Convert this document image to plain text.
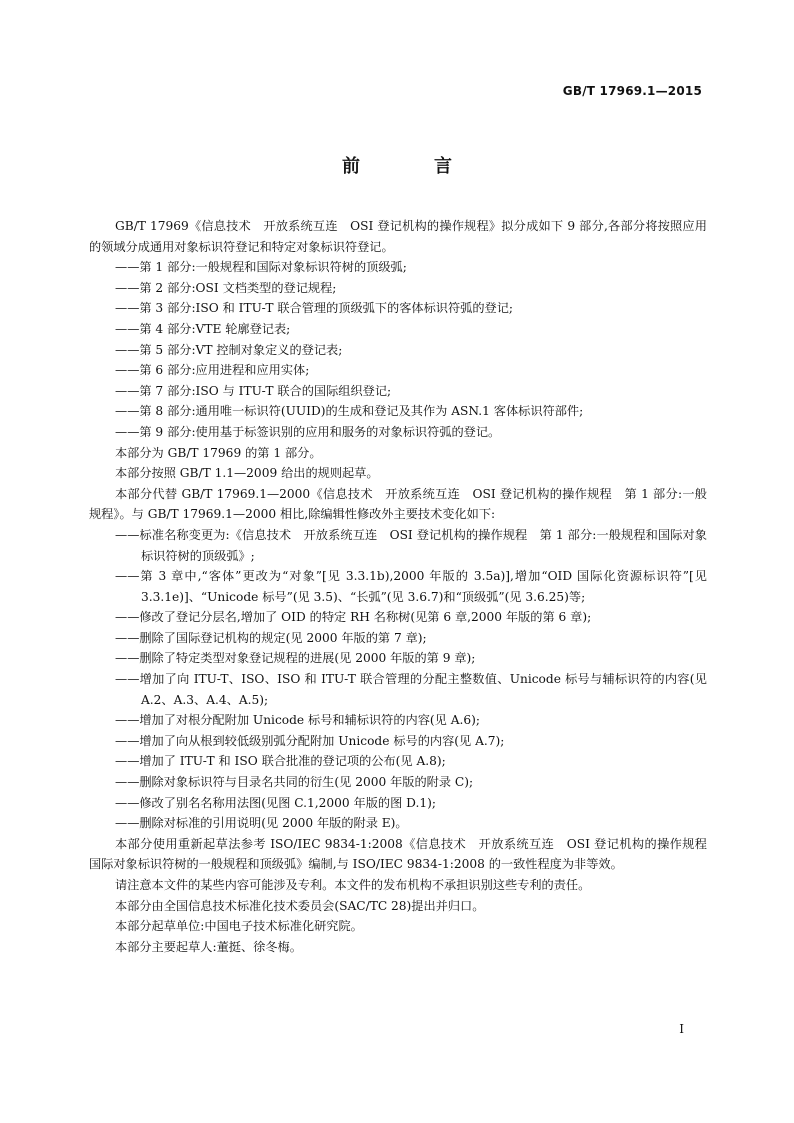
GB/T 17969.1—2015
前　言

GB/T 17969《信息技术　开放系统互连　OSI 登记机构的操作规程》拟分成如下 9 部分,各部分将按照应用的领域分成通用对象标识符登记和特定对象标识符登记。

——第 1 部分:一般规程和国际对象标识符树的顶级弧;

——第 2 部分:OSI 文档类型的登记规程;

——第 3 部分:ISO 和 ITU-T 联合管理的顶级弧下的客体标识符弧的登记;

——第 4 部分:VTE 轮廓登记表;

——第 5 部分:VT 控制对象定义的登记表;

——第 6 部分:应用进程和应用实体;

——第 7 部分:ISO 与 ITU-T 联合的国际组织登记;

——第 8 部分:通用唯一标识符(UUID)的生成和登记及其作为 ASN.1 客体标识符部件;

——第 9 部分:使用基于标签识别的应用和服务的对象标识符弧的登记。

本部分为 GB/T 17969 的第 1 部分。

本部分按照 GB/T 1.1—2009 给出的规则起草。

本部分代替 GB/T 17969.1—2000《信息技术　开放系统互连　OSI 登记机构的操作规程　第 1 部分:一般规程》。与 GB/T 17969.1—2000 相比,除编辑性修改外主要技术变化如下:

——标准名称变更为:《信息技术　开放系统互连　OSI 登记机构的操作规程　第 1 部分:一般规程和国际对象标识符树的顶级弧》;

——第 3 章中,“客体”更改为“对象”[见 3.3.1b),2000 年版的 3.5a)],增加“OID 国际化资源标识符”[见 3.3.1e)]、“Unicode 标号”(见 3.5)、“长弧”(见 3.6.7)和“顶级弧”(见 3.6.25)等;

——修改了登记分层名,增加了 OID 的特定 RH 名称树(见第 6 章,2000 年版的第 6 章);

——删除了国际登记机构的规定(见 2000 年版的第 7 章);

——删除了特定类型对象登记规程的进展(见 2000 年版的第 9 章);

——增加了向 ITU-T、ISO、ISO 和 ITU-T 联合管理的分配主整数值、Unicode 标号与辅标识符的内容(见 A.2、A.3、A.4、A.5);

——增加了对根分配附加 Unicode 标号和辅标识符的内容(见 A.6);

——增加了向从根到较低级别弧分配附加 Unicode 标号的内容(见 A.7);

——增加了 ITU-T 和 ISO 联合批准的登记项的公布(见 A.8);

——删除对象标识符与目录名共同的衍生(见 2000 年版的附录 C);

——修改了别名名称用法图(见图 C.1,2000 年版的图 D.1);

——删除对标准的引用说明(见 2000 年版的附录 E)。

本部分使用重新起草法参考 ISO/IEC 9834-1:2008《信息技术　开放系统互连　OSI 登记机构的操作规程　国际对象标识符树的一般规程和顶级弧》编制,与 ISO/IEC 9834-1:2008 的一致性程度为非等效。

请注意本文件的某些内容可能涉及专利。本文件的发布机构不承担识别这些专利的责任。

本部分由全国信息技术标准化技术委员会(SAC/TC 28)提出并归口。

本部分起草单位:中国电子技术标准化研究院。

本部分主要起草人:董挺、徐冬梅。

I
